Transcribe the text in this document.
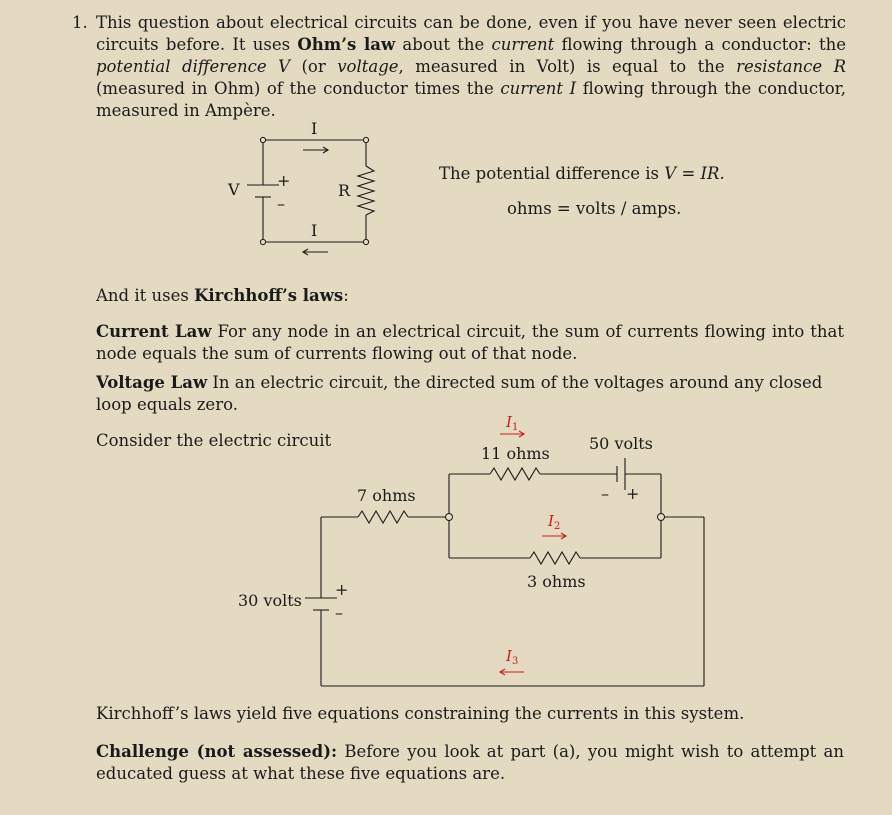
1. This question about electrical circuits can be done, even if you have never seen electric circuits before. It uses Ohm’s law about the current flowing through a conductor: the potential difference V (or voltage, measured in Volt) is equal to the resistance R (measured in Ohm) of the conductor times the current I flowing through the conductor, measured in Ampère.
The potential difference is V = IR.
ohms = volts / amps.
And it uses Kirchhoff’s laws:
Current Law For any node in an electrical circuit, the sum of currents flowing into that node equals the sum of currents flowing out of that node.
Voltage Law In an electric circuit, the directed sum of the voltages around any closed loop equals zero.
Consider the electric circuit
Kirchhoff’s laws yield five equations constraining the currents in this system.
Challenge (not assessed): Before you look at part (a), you might wish to attempt an educated guess at what these five equations are.
I
I
V	R
+
–
$I_1$
$I_2$
$I_3$
11 ohms
50 volts
7 ohms
3 ohms
30 volts
+
–
– +
